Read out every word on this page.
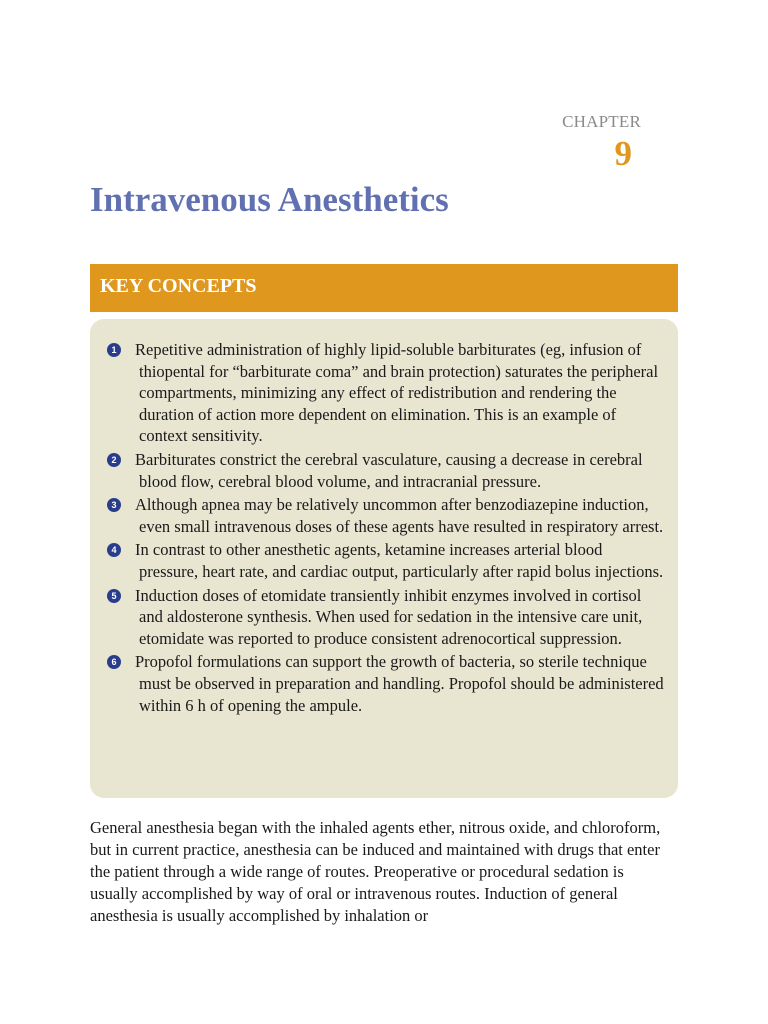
CHAPTER
9
Intravenous Anesthetics
KEY CONCEPTS
1 Repetitive administration of highly lipid-soluble barbiturates (eg, infusion of thiopental for “barbiturate coma” and brain protection) saturates the peripheral compartments, minimizing any effect of redistribution and rendering the duration of action more dependent on elimination. This is an example of context sensitivity.
2 Barbiturates constrict the cerebral vasculature, causing a decrease in cerebral blood flow, cerebral blood volume, and intracranial pressure.
3 Although apnea may be relatively uncommon after benzodiazepine induction, even small intravenous doses of these agents have resulted in respiratory arrest.
4 In contrast to other anesthetic agents, ketamine increases arterial blood pressure, heart rate, and cardiac output, particularly after rapid bolus injections.
5 Induction doses of etomidate transiently inhibit enzymes involved in cortisol and aldosterone synthesis. When used for sedation in the intensive care unit, etomidate was reported to produce consistent adrenocortical suppression.
6 Propofol formulations can support the growth of bacteria, so sterile technique must be observed in preparation and handling. Propofol should be administered within 6 h of opening the ampule.

General anesthesia began with the inhaled agents ether, nitrous oxide, and chloroform, but in current practice, anesthesia can be induced and maintained with drugs that enter the patient through a wide range of routes. Preoperative or procedural sedation is usually accomplished by way of oral or intravenous routes. Induction of general anesthesia is usually accomplished by inhalation or
